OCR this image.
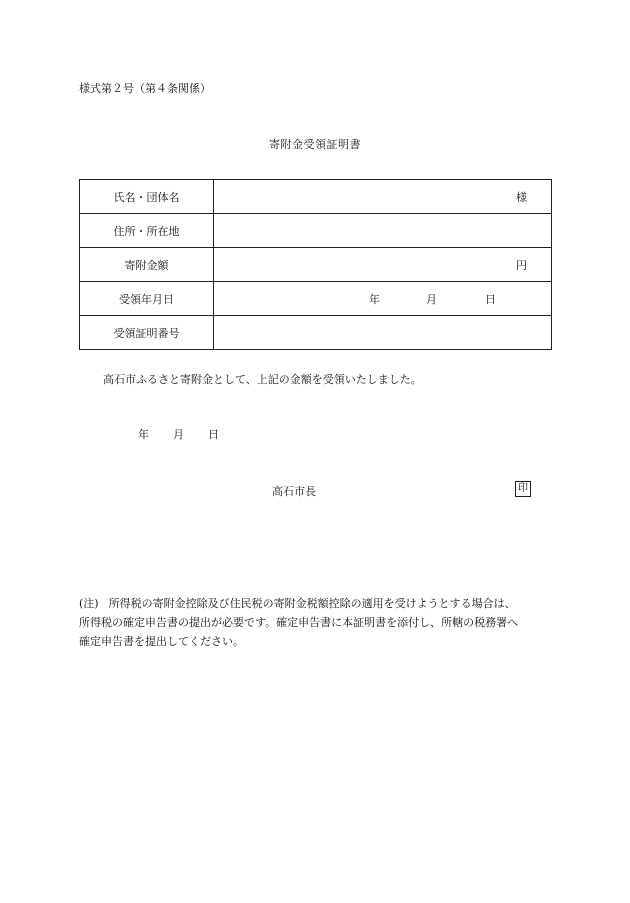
様式第２号（第４条関係）
寄附金受領証明書
氏名・団体名	様

住所・所在地	
寄附金額	円

受領年月日	年 月 日

受領証明番号	
高石市ふるさと寄附金として、上記の金額を受領いたしました。
年 月 日
高石市長	印
(注) 所得税の寄附金控除及び住民税の寄附金税額控除の適用を受けようとする場合は、
所得税の確定申告書の提出が必要です。確定申告書に本証明書を添付し、所轄の税務署へ
確定申告書を提出してください。
